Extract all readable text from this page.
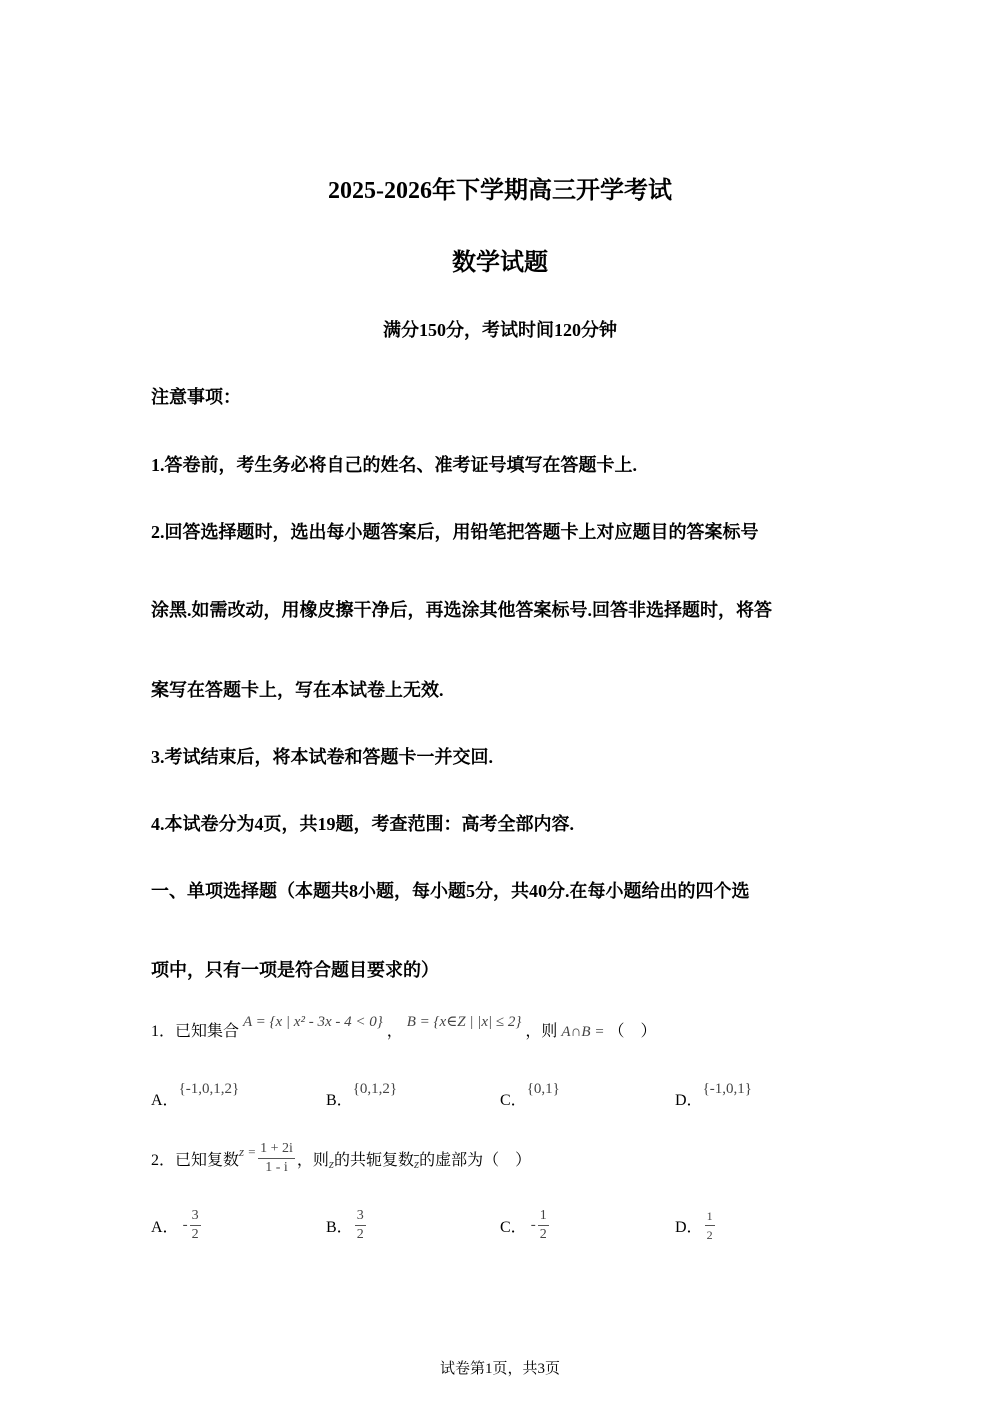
2025-2026年下学期高三开学考试
数学试题
满分150分，考试时间120分钟
注意事项：
1.答卷前，考生务必将自己的姓名、准考证号填写在答题卡上.
2.回答选择题时，选出每小题答案后，用铅笔把答题卡上对应题目的答案标号
涂黑.如需改动，用橡皮擦干净后，再选涂其他答案标号.回答非选择题时，将答
案写在答题卡上，写在本试卷上无效.
3.考试结束后，将本试卷和答题卡一并交回.
4.本试卷分为4页，共19题，考查范围：高考全部内容.
一、单项选择题（本题共8小题，每小题5分，共40分.在每小题给出的四个选
项中，只有一项是符合题目要求的）
1．已知集合 A = {x | x² - 3x - 4 < 0} ， B = {x∈Z | |x| ≤ 2} ，则 A∩B = （　）
A．{-1,0,1,2}
B．{0,1,2}
C．{0,1}
D．{-1,0,1}
2．已知复数 $z = \frac{1 + 2i}{1 - i}$ ，则 z 的共轭复数 $\overline{z}$ 的虚部为（　）
A． - $\frac{3}{2}$	B． $\frac{3}{2}$	C． - $\frac{1}{2}$	D． $\frac{1}{2}$
试卷第1页，共3页
